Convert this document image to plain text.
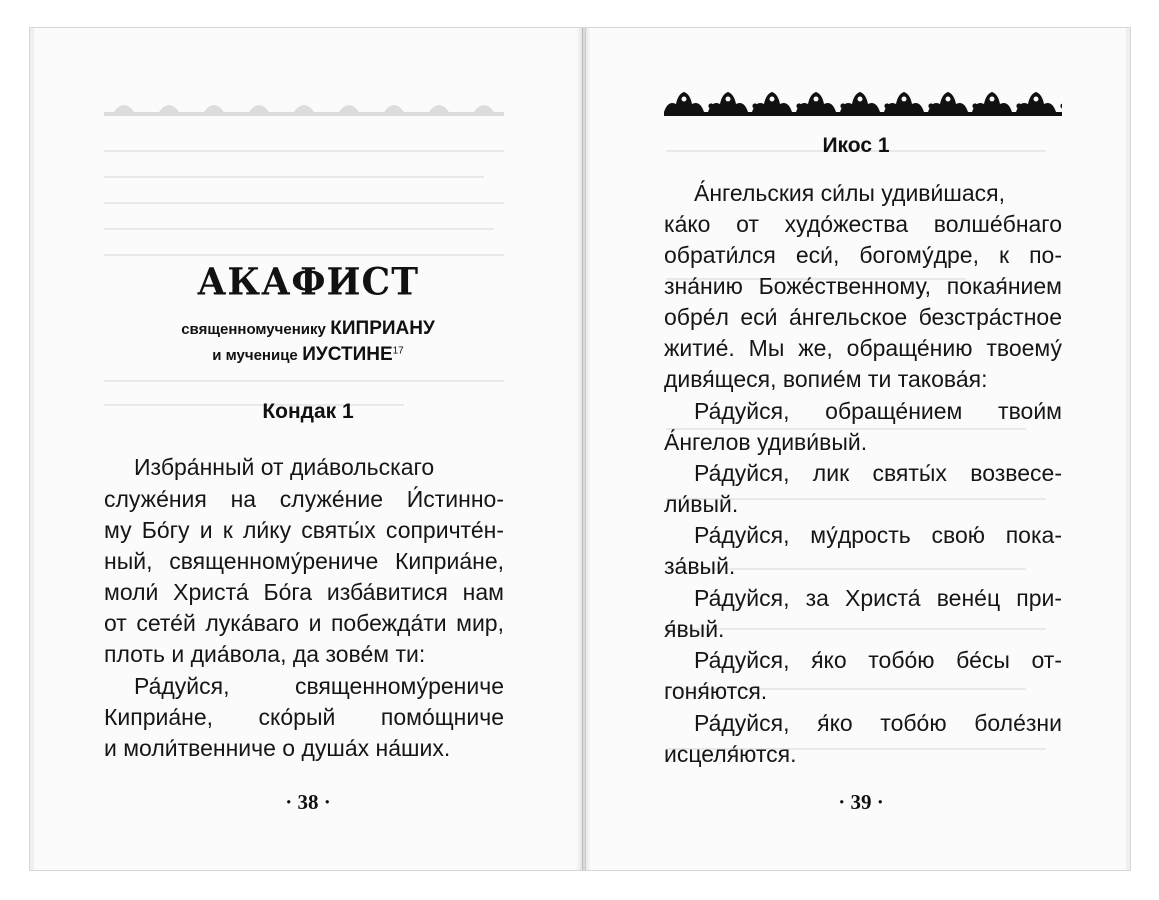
АКАФИСТ
священномученику КИПРИАНУ
и мученице ИУСТИНЕ$^{17}$
Кондак 1
Избра́нный от диа́вольскаго
служе́ния на служе́ние И́стинно-
му Бо́гу и к ли́ку святы́х сопричте́н-
ный, священному́рениче Киприа́не,
моли́ Христа́ Бо́га изба́витися нам
от сете́й лука́ваго и побежда́ти мир,
плоть и диа́вола, да зове́м ти:
Ра́дуйся, священному́рениче
Киприа́не, ско́рый помо́щниче
и моли́твенниче о душа́х на́ших.
· 38 ·
Икос 1
А́нгельския си́лы удиви́шася,
ка́ко от худо́жества волше́бнаго
обрати́лся еси́, богому́дре, к по-
зна́нию Боже́ственному, покая́нием
обре́л еси́ а́нгельское безстра́стное
житие́. Мы же, обраще́нию твоему́
дивя́щеся, вопие́м ти такова́я:
Ра́дуйся, обраще́нием твои́м
А́нгелов удиви́вый.
Ра́дуйся, лик святы́х возвесе-
ли́вый.
Ра́дуйся, му́дрость свою́ пока-
за́вый.
Ра́дуйся, за Христа́ вене́ц при-
я́вый.
Ра́дуйся, я́ко тобо́ю бе́сы от-
гоня́ются.
Ра́дуйся, я́ко тобо́ю боле́зни
исцеля́ются.
· 39 ·
